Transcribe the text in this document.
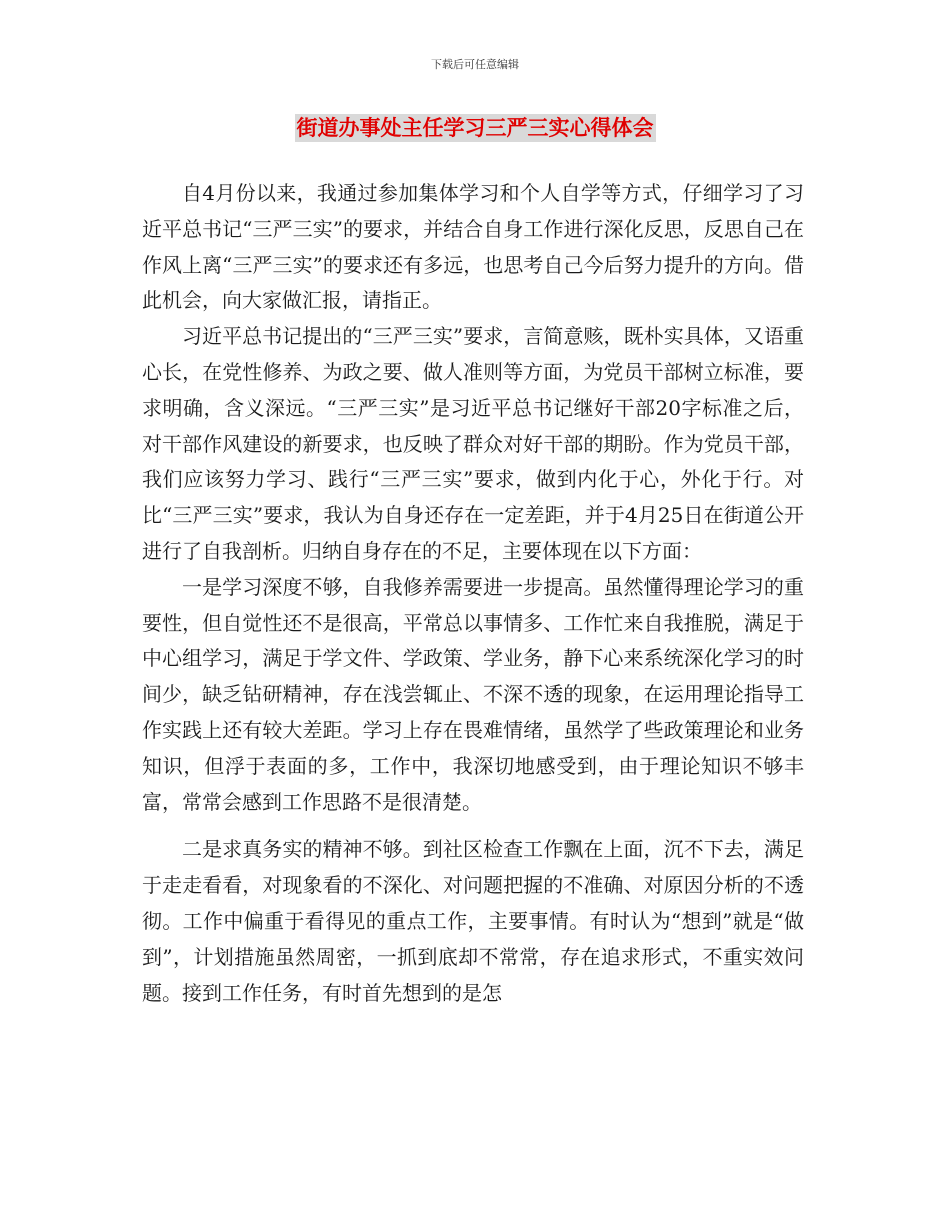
下载后可任意编辑
街道办事处主任学习三严三实心得体会

自4月份以来，我通过参加集体学习和个人自学等方式，仔细学习了习近平总书记“三严三实”的要求，并结合自身工作进行深化反思，反思自己在作风上离“三严三实”的要求还有多远，也思考自己今后努力提升的方向。借此机会，向大家做汇报，请指正。

习近平总书记提出的“三严三实”要求，言简意赅，既朴实具体，又语重心长，在党性修养、为政之要、做人准则等方面，为党员干部树立标准，要求明确，含义深远。“三严三实”是习近平总书记继好干部20字标准之后，对干部作风建设的新要求，也反映了群众对好干部的期盼。作为党员干部，我们应该努力学习、践行“三严三实”要求，做到内化于心，外化于行。对比“三严三实”要求，我认为自身还存在一定差距，并于4月25日在街道公开进行了自我剖析。归纳自身存在的不足，主要体现在以下方面：

一是学习深度不够，自我修养需要进一步提高。虽然懂得理论学习的重要性，但自觉性还不是很高，平常总以事情多、工作忙来自我推脱，满足于中心组学习，满足于学文件、学政策、学业务，静下心来系统深化学习的时间少，缺乏钻研精神，存在浅尝辄止、不深不透的现象，在运用理论指导工作实践上还有较大差距。学习上存在畏难情绪，虽然学了些政策理论和业务知识，但浮于表面的多，工作中，我深切地感受到，由于理论知识不够丰富，常常会感到工作思路不是很清楚。

二是求真务实的精神不够。到社区检查工作飘在上面，沉不下去，满足于走走看看，对现象看的不深化、对问题把握的不准确、对原因分析的不透彻。工作中偏重于看得见的重点工作，主要事情。有时认为“想到”就是“做到”，计划措施虽然周密，一抓到底却不常常，存在追求形式，不重实效问题。接到工作任务，有时首先想到的是怎
